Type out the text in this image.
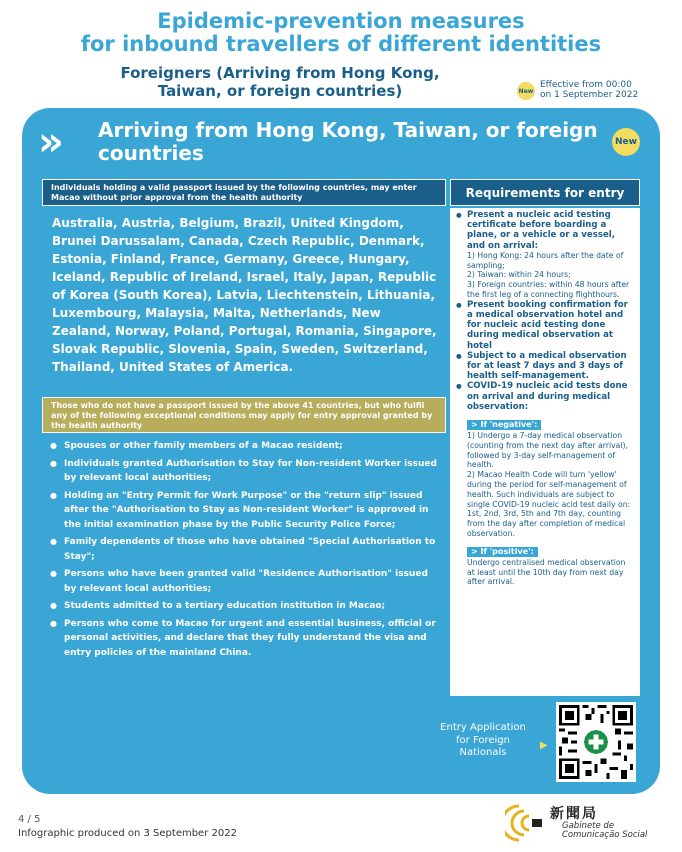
Epidemic-prevention measures
for inbound travellers of different identities
Foreigners (Arriving from Hong Kong,
Taiwan, or foreign countries)	New
Effective from 00:00
on 1 September 2022
» Arriving from Hong Kong, Taiwan, or foreign countries	New
Individuals holding a valid passport issued by the following countries, may enter Macao without prior approval from the health authority
Australia, Austria, Belgium, Brazil, United Kingdom, Brunei Darussalam, Canada, Czech Republic, Denmark, Estonia, Finland, France, Germany, Greece, Hungary, Iceland, Republic of Ireland, Israel, Italy, Japan, Republic of Korea (South Korea), Latvia, Liechtenstein, Lithuania, Luxembourg, Malaysia, Malta, Netherlands, New Zealand, Norway, Poland, Portugal, Romania, Singapore, Slovak Republic, Slovenia, Spain, Sweden, Switzerland, Thailand, United States of America.
Those who do not have a passport issued by the above 41 countries, but who fulfil any of the following exceptional conditions may apply for entry approval granted by the health authority
● Spouses or other family members of a Macao resident;
● Individuals granted Authorisation to Stay for Non-resident Worker issued by relevant local authorities;
● Holding an "Entry Permit for Work Purpose" or the "return slip" issued after the "Authorisation to Stay as Non-resident Worker" is approved in the initial examination phase by the Public Security Police Force;
● Family dependents of those who have obtained "Special Authorisation to Stay";
● Persons who have been granted valid "Residence Authorisation" issued by relevant local authorities;
● Students admitted to a tertiary education institution in Macao;
● Persons who come to Macao for urgent and essential business, official or personal activities, and declare that they fully understand the visa and entry policies of the mainland China.
Requirements for entry
● Present a nucleic acid testing certificate before boarding a plane, or a vehicle or a vessel, and on arrival:
1) Hong Kong: 24 hours after the date of sampling;
2) Taiwan: within 24 hours;
3) Foreign countries: within 48 hours after the first leg of a connecting flighthours.
● Present booking confirmation for a medical observation hotel and for nucleic acid testing done during medical observation at hotel
● Subject to a medical observation for at least 7 days and 3 days of health self-management.
● COVID-19 nucleic acid tests done on arrival and during medical observation:
> If 'negative':
1) Undergo a 7-day medical observation (counting from the next day after arrival), followed by 3-day self-management of health.
2) Macao Health Code will turn 'yellow' during the period for self-management of health. Such individuals are subject to single COVID-19 nucleic acid test daily on: 1st, 2nd, 3rd, 5th and 7th day, counting from the day after completion of medical observation.
> If 'positive':
Undergo centralised medical observation at least until the 10th day from next day after arrival.
Entry Application
for Foreign
Nationals
▶
4 / 5
Infographic produced on 3 September 2022
新聞局
Gabinete de
Comunicação Social
